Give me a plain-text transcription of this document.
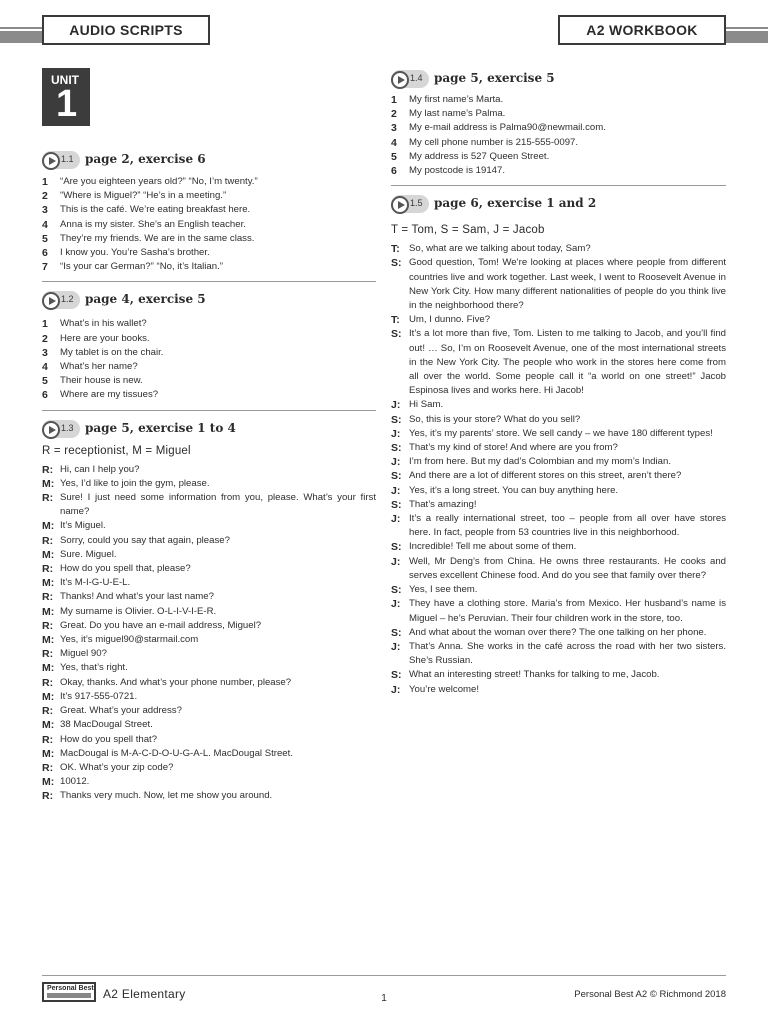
AUDIO SCRIPTS	A2 WORKBOOK
UNIT
1
1.1 page 2, exercise 6
1	“Are you eighteen years old?” “No, I’m twenty.”
2	“Where is Miguel?” “He’s in a meeting.”
3	This is the café. We’re eating breakfast here.
4	Anna is my sister. She’s an English teacher.
5	They’re my friends. We are in the same class.
6	I know you. You’re Sasha’s brother.
7	“Is your car German?” “No, it’s Italian.”
1.2 page 4, exercise 5
1	What’s in his wallet?
2	Here are your books.
3	My tablet is on the chair.
4	What’s her name?
5	Their house is new.
6	Where are my tissues?
1.3 page 5, exercise 1 to 4
R = receptionist, M = Miguel
R: Hi, can I help you?
M: Yes, I’d like to join the gym, please.
R: Sure! I just need some information from you, please. What’s your first name?
M: It’s Miguel.
R: Sorry, could you say that again, please?
M: Sure. Miguel.
R: How do you spell that, please?
M: It’s M-I-G-U-E-L.
R: Thanks! And what’s your last name?
M: My surname is Olivier. O-L-I-V-I-E-R.
R: Great. Do you have an e-mail address, Miguel?
M: Yes, it’s miguel90@starmail.com
R: Miguel 90?
M: Yes, that’s right.
R: Okay, thanks. And what’s your phone number, please?
M: It’s 917-555-0721.
R: Great. What’s your address?
M: 38 MacDougal Street.
R: How do you spell that?
M: MacDougal is M-A-C-D-O-U-G-A-L. MacDougal Street.
R: OK. What’s your zip code?
M: 10012.
R: Thanks very much. Now, let me show you around.
1.4 page 5, exercise 5
1	My first name’s Marta.
2	My last name’s Palma.
3	My e-mail address is Palma90@newmail.com.
4	My cell phone number is 215-555-0097.
5	My address is 527 Queen Street.
6	My postcode is 19147.
1.5 page 6, exercise 1 and 2
T = Tom, S = Sam, J = Jacob
T: So, what are we talking about today, Sam?
S: Good question, Tom! We’re looking at places where people from different countries live and work together. Last week, I went to Roosevelt Avenue in New York City. How many different nationalities of people do you think live in the neighborhood there?
T: Um, I dunno. Five?
S: It’s a lot more than five, Tom. Listen to me talking to Jacob, and you’ll find out! … So, I’m on Roosevelt Avenue, one of the most international streets in the New York City. The people who work in the stores here come from all over the world. Some people call it “a world on one street!” Jacob Espinosa lives and works here. Hi Jacob!
J: Hi Sam.
S: So, this is your store? What do you sell?
J: Yes, it’s my parents’ store. We sell candy – we have 180 different types!
S: That’s my kind of store! And where are you from?
J: I’m from here. But my dad’s Colombian and my mom’s Indian.
S: And there are a lot of different stores on this street, aren’t there?
J: Yes, it’s a long street. You can buy anything here.
S: That’s amazing!
J: It’s a really international street, too – people from all over have stores here. In fact, people from 53 countries live in this neighborhood.
S: Incredible! Tell me about some of them.
J: Well, Mr Deng’s from China. He owns three restaurants. He cooks and serves excellent Chinese food. And do you see that family over there?
S: Yes, I see them.
J: They have a clothing store. Maria’s from Mexico. Her husband’s name is Miguel – he’s Peruvian. Their four children work in the store, too.
S: And what about the woman over there? The one talking on her phone.
J: That’s Anna. She works in the café across the road with her two sisters. She’s Russian.
S: What an interesting street! Thanks for talking to me, Jacob.
J: You’re welcome!
Personal Best A2 Elementary	1	Personal Best A2 © Richmond 2018
